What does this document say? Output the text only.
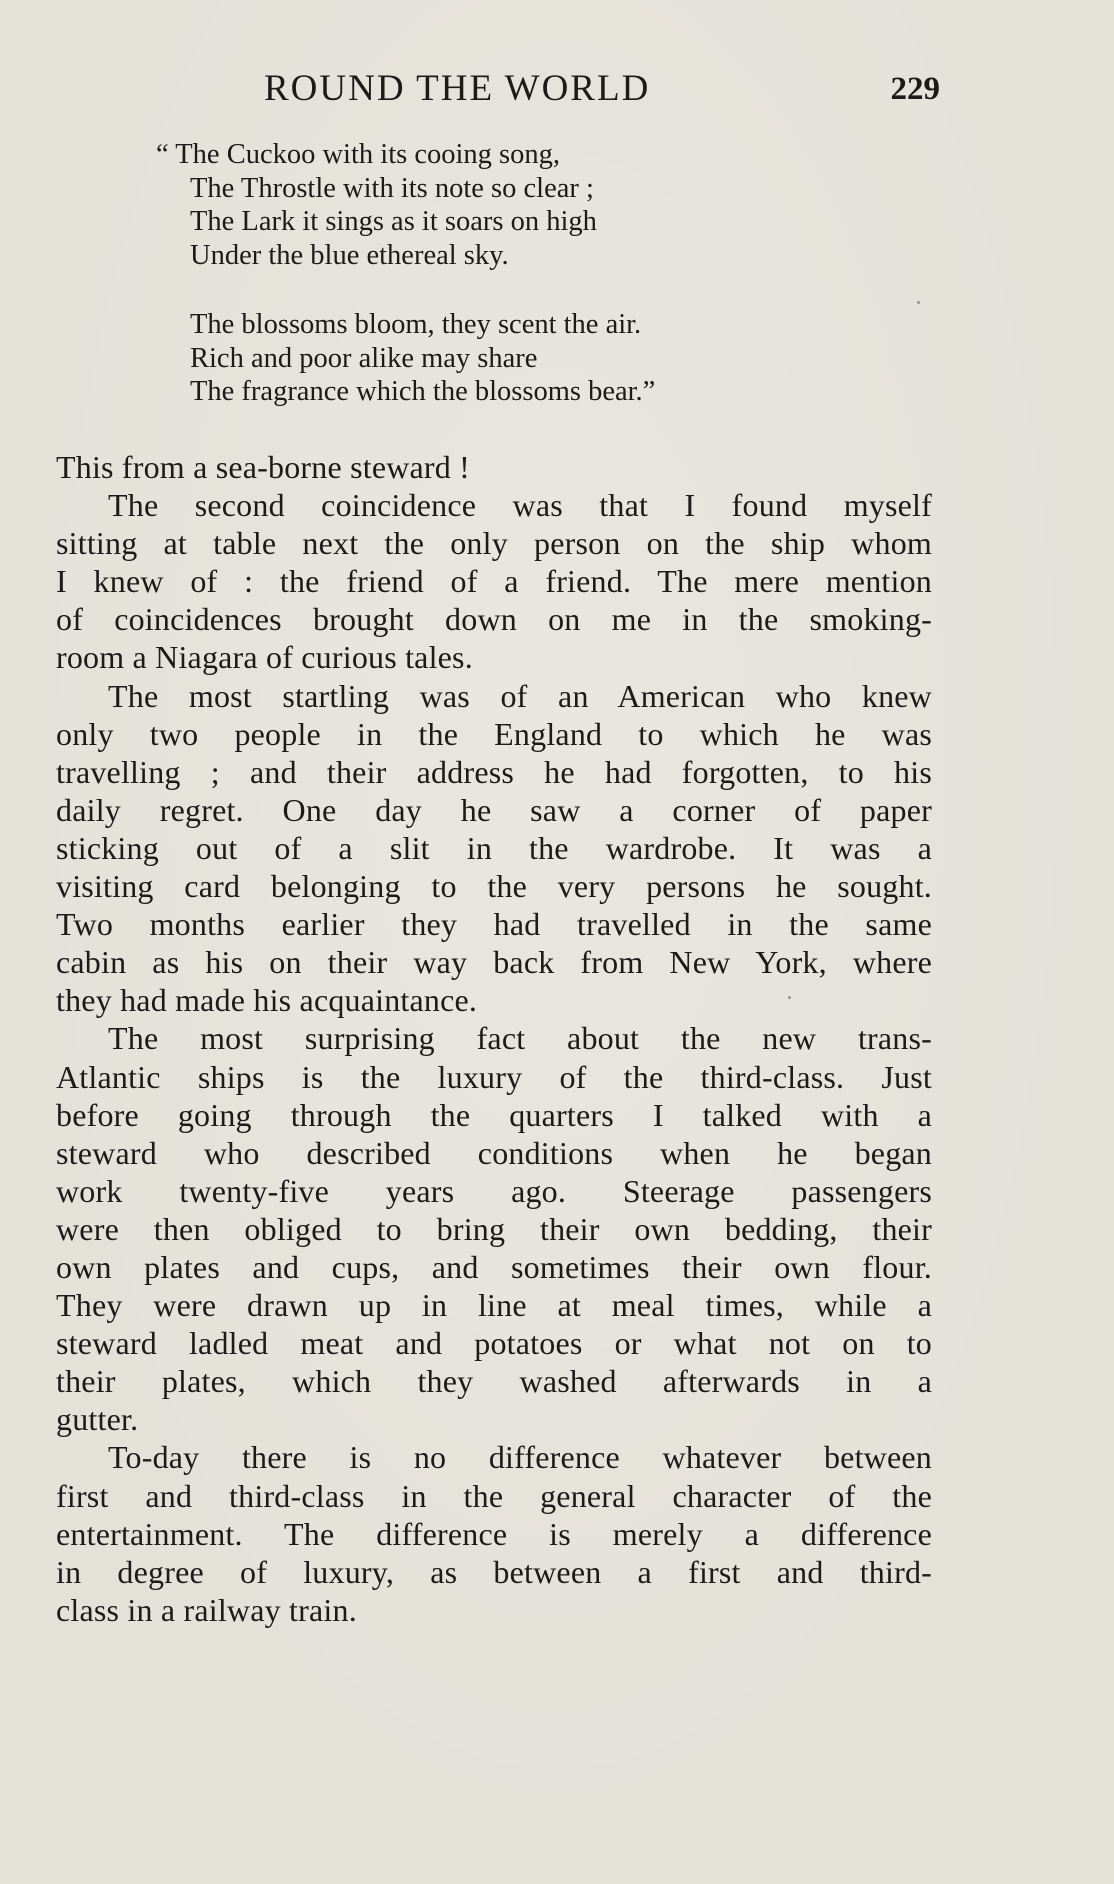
ROUND THE WORLD	229
“ The Cuckoo with its cooing song,
The Throstle with its note so clear ;
The Lark it sings as it soars on high
Under the blue ethereal sky.
The blossoms bloom, they scent the air.
Rich and poor alike may share
The fragrance which the blossoms bear.”
This from a sea-borne steward !
The second coincidence was that I found myself
sitting at table next the only person on the ship whom
I knew of : the friend of a friend. The mere mention
of coincidences brought down on me in the smoking-
room a Niagara of curious tales.
The most startling was of an American who knew
only two people in the England to which he was
travelling ; and their address he had forgotten, to his
daily regret. One day he saw a corner of paper
sticking out of a slit in the wardrobe. It was a
visiting card belonging to the very persons he sought.
Two months earlier they had travelled in the same
cabin as his on their way back from New York, where
they had made his acquaintance.
The most surprising fact about the new trans-
Atlantic ships is the luxury of the third-class. Just
before going through the quarters I talked with a
steward who described conditions when he began
work twenty-five years ago. Steerage passengers
were then obliged to bring their own bedding, their
own plates and cups, and sometimes their own flour.
They were drawn up in line at meal times, while a
steward ladled meat and potatoes or what not on to
their plates, which they washed afterwards in a
gutter.
To-day there is no difference whatever between
first and third-class in the general character of the
entertainment. The difference is merely a difference
in degree of luxury, as between a first and third-
class in a railway train.
